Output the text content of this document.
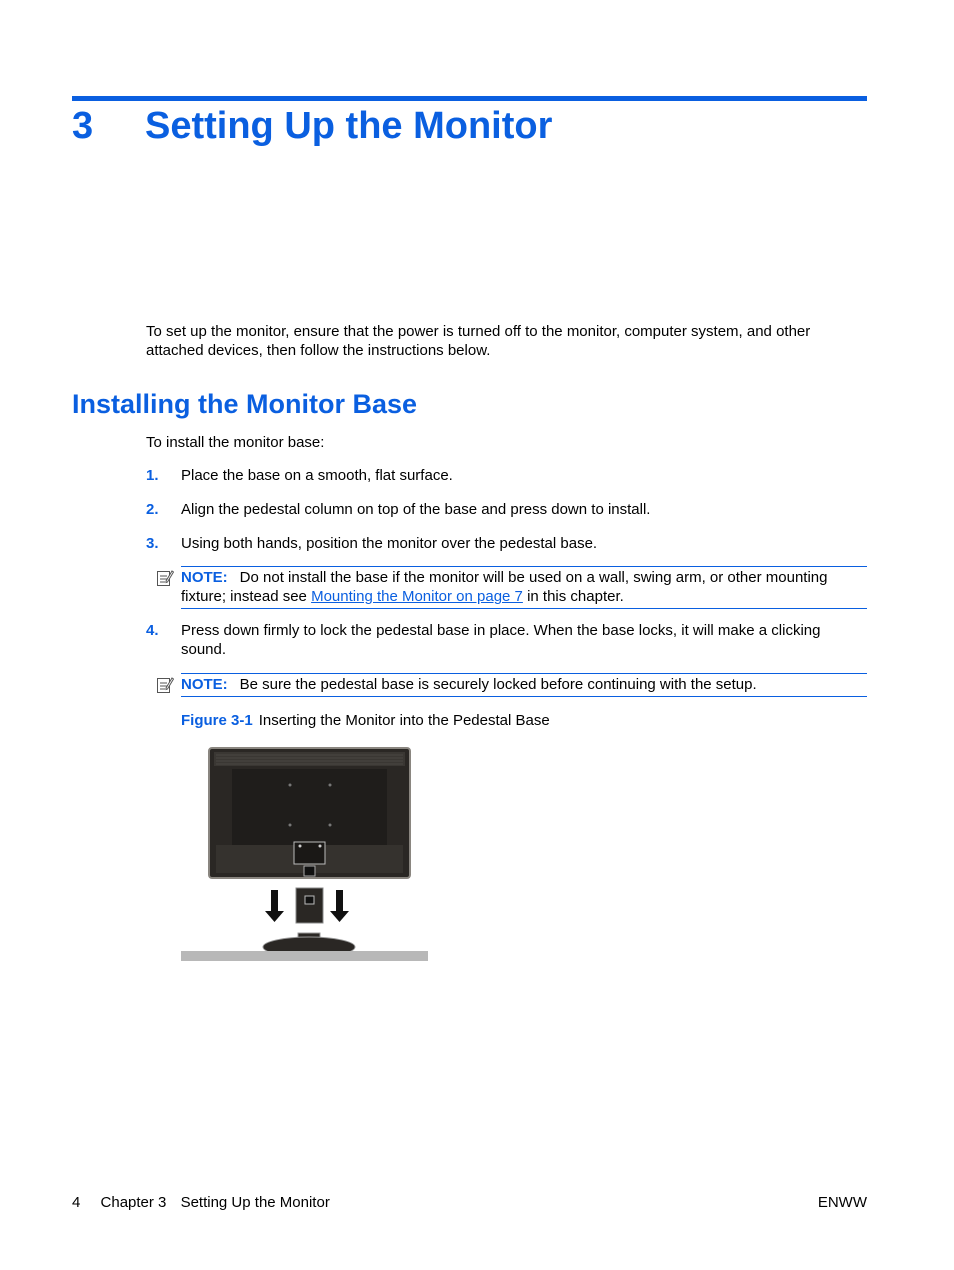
3 Setting Up the Monitor

To set up the monitor, ensure that the power is turned off to the monitor, computer system, and other attached devices, then follow the instructions below.

Installing the Monitor Base
To install the monitor base:
1. Place the base on a smooth, flat surface.
2. Align the pedestal column on top of the base and press down to install.
3. Using both hands, position the monitor over the pedestal base.
NOTE: Do not install the base if the monitor will be used on a wall, swing arm, or other mounting fixture; instead see Mounting the Monitor on page 7 in this chapter.
4. Press down firmly to lock the pedestal base in place. When the base locks, it will make a clicking sound.
NOTE: Be sure the pedestal base is securely locked before continuing with the setup.
Figure 3-1 Inserting the Monitor into the Pedestal Base
4 Chapter 3 Setting Up the Monitor	ENWW
